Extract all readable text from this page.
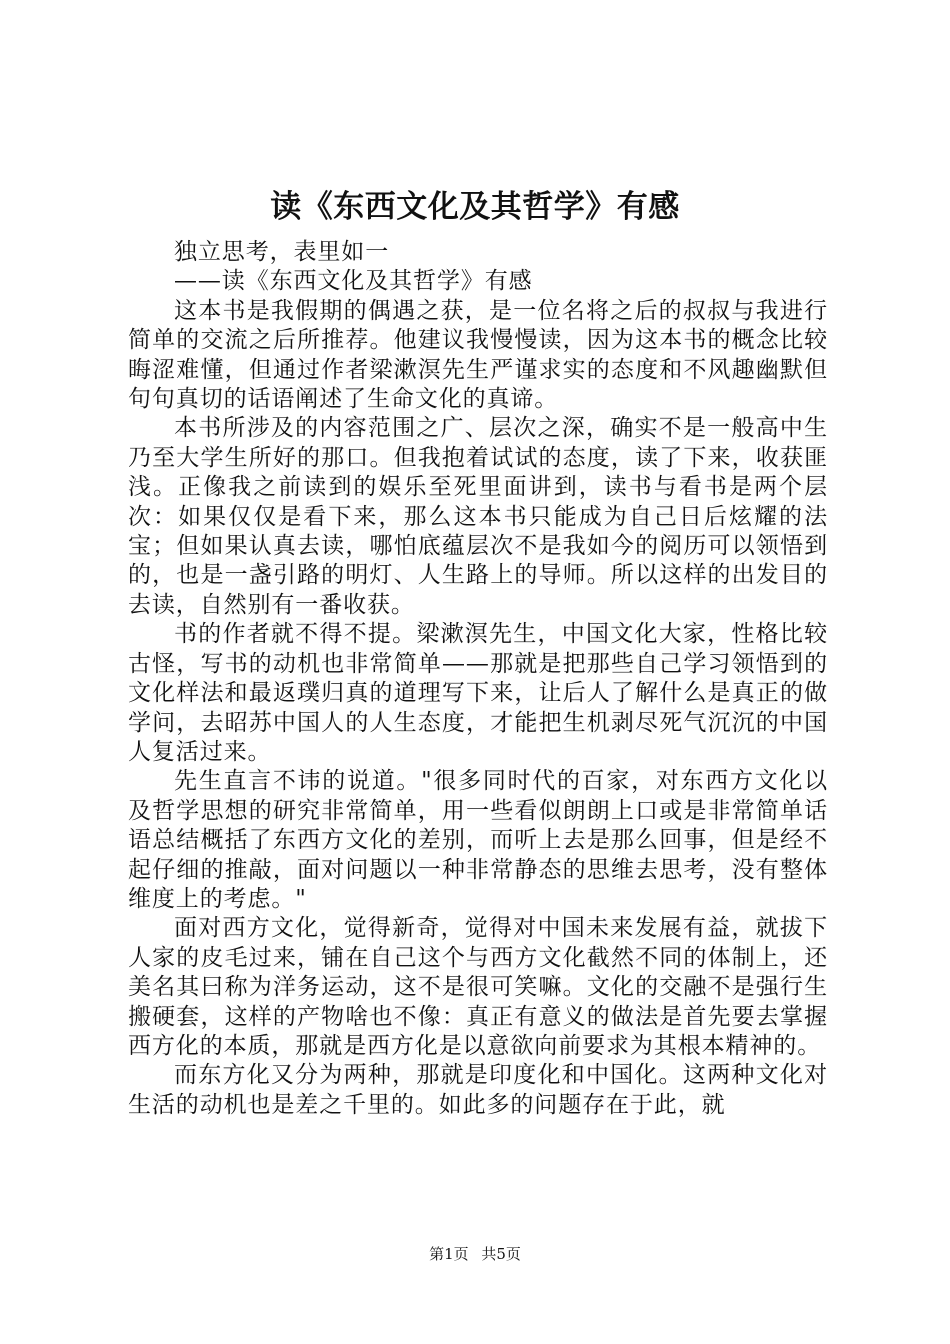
读《东西文化及其哲学》有感

独立思考，表里如一

——读《东西文化及其哲学》有感

这本书是我假期的偶遇之获，是一位名将之后的叔叔与我进行简单的交流之后所推荐。他建议我慢慢读，因为这本书的概念比较晦涩难懂，但通过作者梁漱溟先生严谨求实的态度和不风趣幽默但句句真切的话语阐述了生命文化的真谛。

本书所涉及的内容范围之广、层次之深，确实不是一般高中生乃至大学生所好的那口。但我抱着试试的态度，读了下来，收获匪浅。正像我之前读到的娱乐至死里面讲到，读书与看书是两个层次：如果仅仅是看下来，那么这本书只能成为自己日后炫耀的法宝；但如果认真去读，哪怕底蕴层次不是我如今的阅历可以领悟到的，也是一盏引路的明灯、人生路上的导师。所以这样的出发目的去读，自然别有一番收获。

书的作者就不得不提。梁漱溟先生，中国文化大家，性格比较古怪，写书的动机也非常简单——那就是把那些自己学习领悟到的文化样法和最返璞归真的道理写下来，让后人了解什么是真正的做学问，去昭苏中国人的人生态度，才能把生机剥尽死气沉沉的中国人复活过来。

先生直言不讳的说道。"很多同时代的百家，对东西方文化以及哲学思想的研究非常简单，用一些看似朗朗上口或是非常简单话语总结概括了东西方文化的差别，而听上去是那么回事，但是经不起仔细的推敲，面对问题以一种非常静态的思维去思考，没有整体维度上的考虑。"

面对西方文化，觉得新奇，觉得对中国未来发展有益，就拔下人家的皮毛过来，铺在自己这个与西方文化截然不同的体制上，还美名其曰称为洋务运动，这不是很可笑嘛。文化的交融不是强行生搬硬套，这样的产物啥也不像：真正有意义的做法是首先要去掌握西方化的本质，那就是西方化是以意欲向前要求为其根本精神的。

而东方化又分为两种，那就是印度化和中国化。这两种文化对生活的动机也是差之千里的。如此多的问题存在于此，就

第1页 共5页
